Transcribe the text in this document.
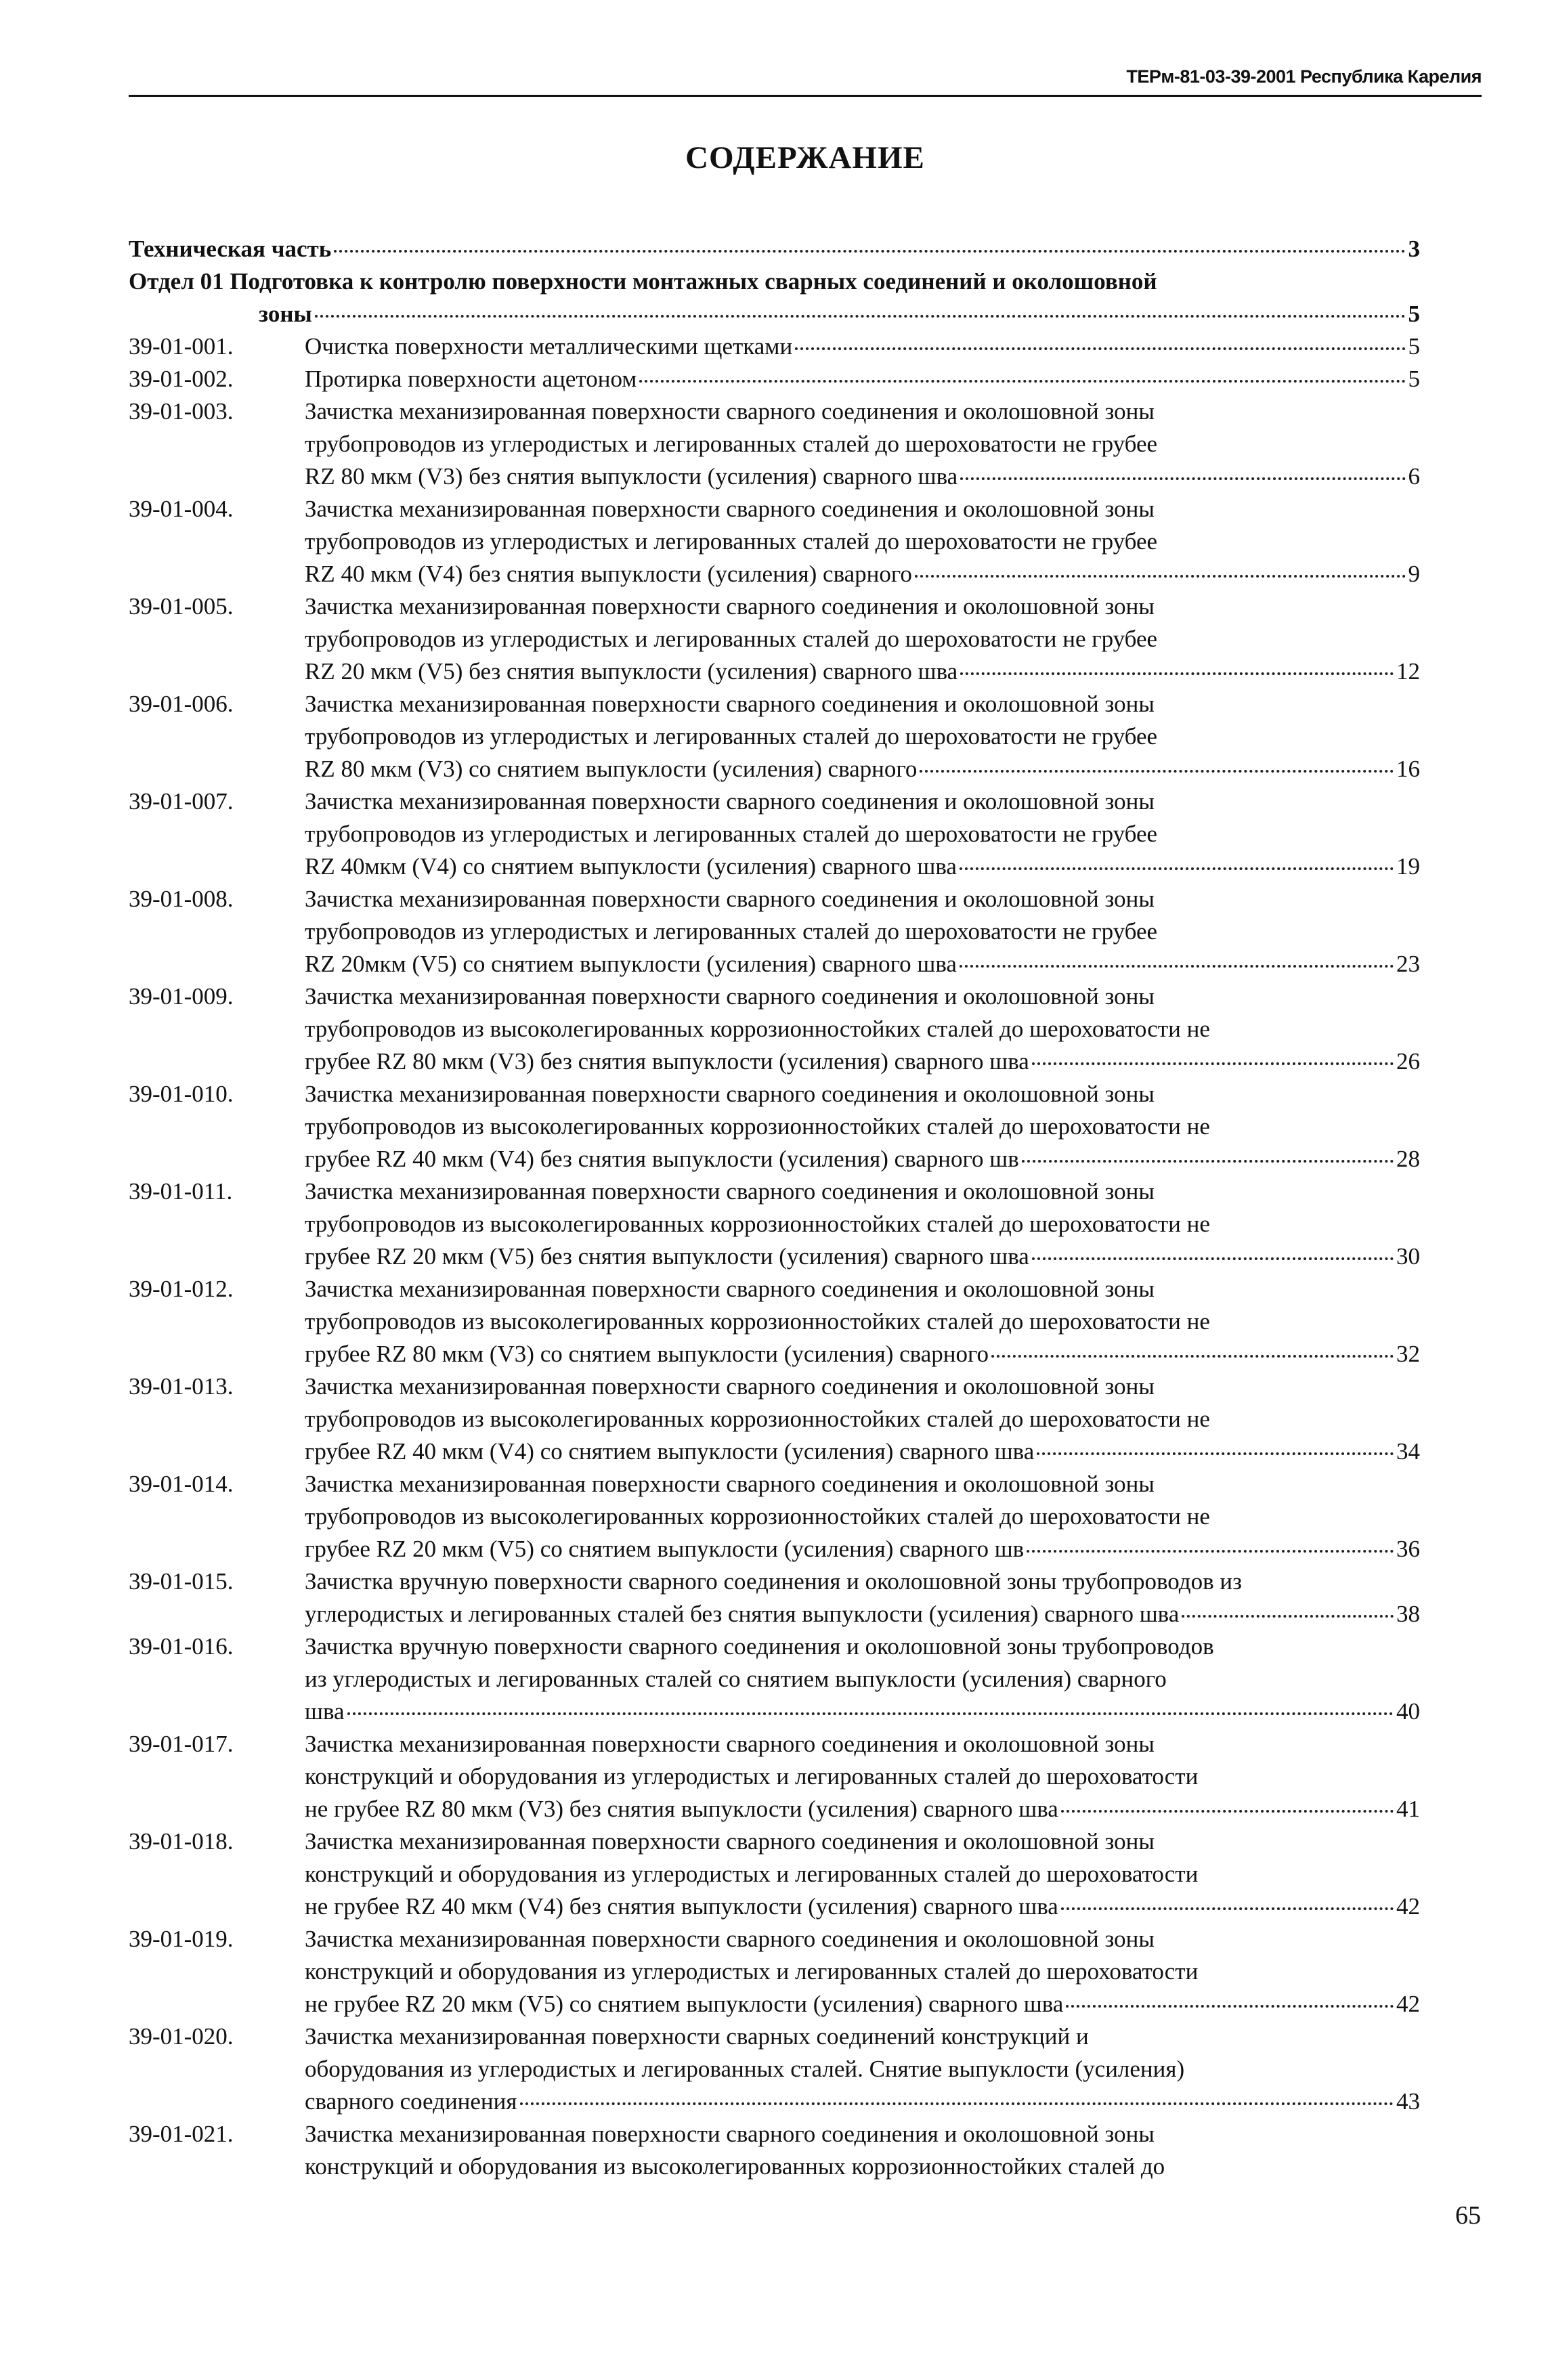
ТЕРм-81-03-39-2001 Республика Карелия
СОДЕРЖАНИЕ
Техническая часть	3
Отдел 01 Подготовка к контролю поверхности монтажных сварных соединений и околошовной
зоны	5
39-01-001.	Очистка поверхности металлическими щетками	5
39-01-002.	Протирка поверхности ацетоном	5
39-01-003.	Зачистка механизированная поверхности сварного соединения и околошовной зоны
трубопроводов из углеродистых и легированных сталей до шероховатости не грубее
RZ 80 мкм (V3) без снятия выпуклости (усиления) сварного шва	6
39-01-004.	Зачистка механизированная поверхности сварного соединения и околошовной зоны
трубопроводов из углеродистых и легированных сталей до шероховатости не грубее
RZ 40 мкм (V4) без снятия выпуклости (усиления) сварного	9
39-01-005.	Зачистка механизированная поверхности сварного соединения и околошовной зоны
трубопроводов из углеродистых и легированных сталей до шероховатости не грубее
RZ 20 мкм (V5) без снятия выпуклости (усиления) сварного шва	12
39-01-006.	Зачистка механизированная поверхности сварного соединения и околошовной зоны
трубопроводов из углеродистых и легированных сталей до шероховатости не грубее
RZ 80 мкм (V3) со снятием выпуклости (усиления) сварного	16
39-01-007.	Зачистка механизированная поверхности сварного соединения и околошовной зоны
трубопроводов из углеродистых и легированных сталей до шероховатости не грубее
RZ 40мкм (V4) со снятием выпуклости (усиления) сварного шва	19
39-01-008.	Зачистка механизированная поверхности сварного соединения и околошовной зоны
трубопроводов из углеродистых и легированных сталей до шероховатости не грубее
RZ 20мкм (V5) со снятием выпуклости (усиления) сварного шва	23
39-01-009.	Зачистка механизированная поверхности сварного соединения и околошовной зоны
трубопроводов из высоколегированных коррозионностойких сталей до шероховатости не
грубее RZ 80 мкм (V3) без снятия выпуклости (усиления) сварного шва	26
39-01-010.	Зачистка механизированная поверхности сварного соединения и околошовной зоны
трубопроводов из высоколегированных коррозионностойких сталей до шероховатости не
грубее RZ 40 мкм (V4) без снятия выпуклости (усиления) сварного шв	28
39-01-011.	Зачистка механизированная поверхности сварного соединения и околошовной зоны
трубопроводов из высоколегированных коррозионностойких сталей до шероховатости не
грубее RZ 20 мкм (V5) без снятия выпуклости (усиления) сварного шва	30
39-01-012.	Зачистка механизированная поверхности сварного соединения и околошовной зоны
трубопроводов из высоколегированных коррозионностойких сталей до шероховатости не
грубее RZ 80 мкм (V3) со снятием выпуклости (усиления) сварного	32
39-01-013.	Зачистка механизированная поверхности сварного соединения и околошовной зоны
трубопроводов из высоколегированных коррозионностойких сталей до шероховатости не
грубее RZ 40 мкм (V4) со снятием выпуклости (усиления) сварного шва	34
39-01-014.	Зачистка механизированная поверхности сварного соединения и околошовной зоны
трубопроводов из высоколегированных коррозионностойких сталей до шероховатости не
грубее RZ 20 мкм (V5) со снятием выпуклости (усиления) сварного шв	36
39-01-015.	Зачистка вручную поверхности сварного соединения и околошовной зоны трубопроводов из
углеродистых и легированных сталей без снятия выпуклости (усиления) сварного шва	38
39-01-016.	Зачистка вручную поверхности сварного соединения и околошовной зоны трубопроводов
из углеродистых и легированных сталей со снятием выпуклости (усиления) сварного
шва	40
39-01-017.	Зачистка механизированная поверхности сварного соединения и околошовной зоны
конструкций и оборудования из углеродистых и легированных сталей до шероховатости
не грубее RZ 80 мкм (V3) без снятия выпуклости (усиления) сварного шва	41
39-01-018.	Зачистка механизированная поверхности сварного соединения и околошовной зоны
конструкций и оборудования из углеродистых и легированных сталей до шероховатости
не грубее RZ 40 мкм (V4) без снятия выпуклости (усиления) сварного шва	42
39-01-019.	Зачистка механизированная поверхности сварного соединения и околошовной зоны
конструкций и оборудования из углеродистых и легированных сталей до шероховатости
не грубее RZ 20 мкм (V5) со снятием выпуклости (усиления) сварного шва	42
39-01-020.	Зачистка механизированная поверхности сварных соединений конструкций и
оборудования из углеродистых и легированных сталей. Снятие выпуклости (усиления)
сварного соединения	43
39-01-021.	Зачистка механизированная поверхности сварного соединения и околошовной зоны
конструкций и оборудования из высоколегированных коррозионностойких сталей до
65
